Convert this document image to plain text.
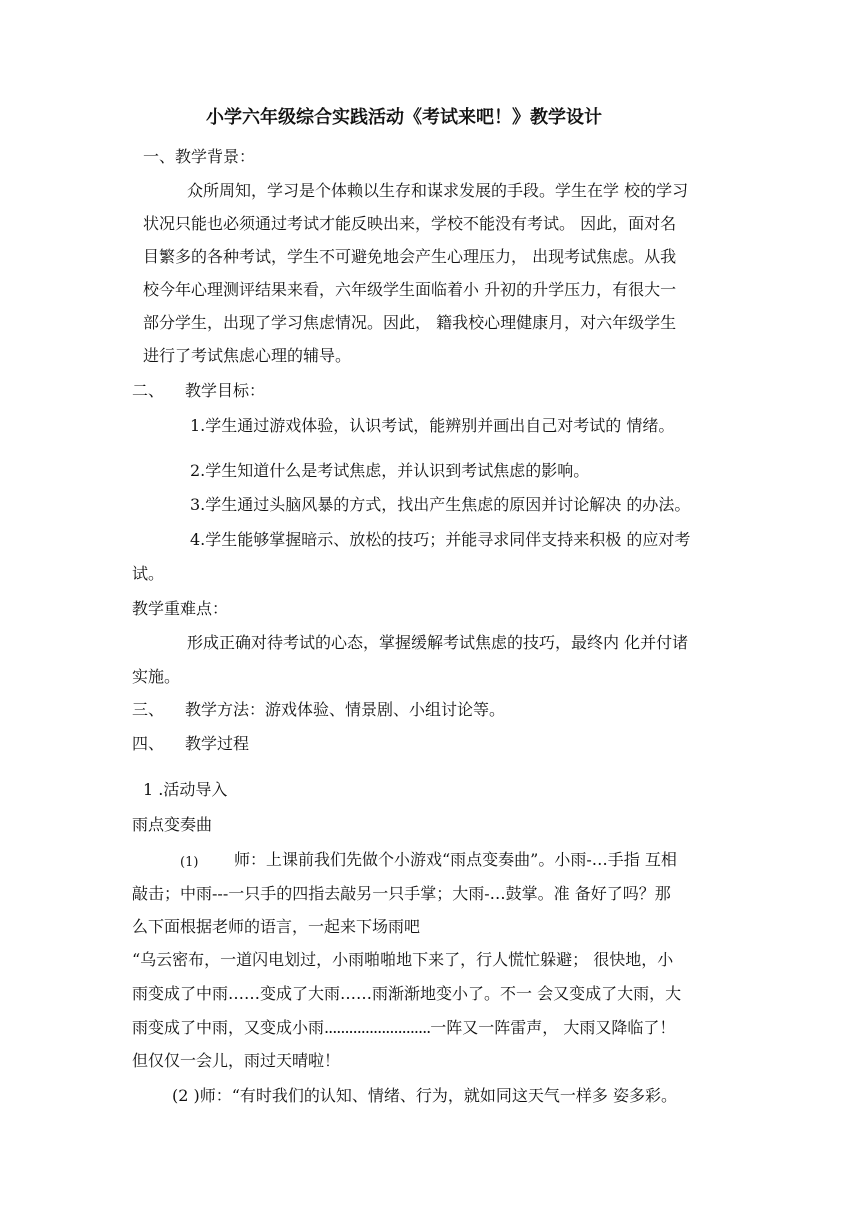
小学六年级综合实践活动《考试来吧！》教学设计
一、教学背景：
众所周知，学习是个体赖以生存和谋求发展的手段。学生在学 校的学习
状况只能也必须通过考试才能反映出来，学校不能没有考试。 因此，面对名
目繁多的各种考试，学生不可避免地会产生心理压力， 出现考试焦虑。从我
校今年心理测评结果来看，六年级学生面临着小 升初的升学压力，有很大一
部分学生，出现了学习焦虑情况。因此， 籍我校心理健康月，对六年级学生
进行了考试焦虑心理的辅导。
二、 教学目标：
1.学生通过游戏体验，认识考试，能辨别并画出自己对考试的 情绪。
2.学生知道什么是考试焦虑，并认识到考试焦虑的影响。
3.学生通过头脑风暴的方式，找出产生焦虑的原因并讨论解决 的办法。
4.学生能够掌握暗示、放松的技巧；并能寻求同伴支持来积极 的应对考
试。
教学重难点：
形成正确对待考试的心态，掌握缓解考试焦虑的技巧，最终内 化并付诸
实施。
三、 教学方法：游戏体验、情景剧、小组讨论等。
四、 教学过程
1 .活动导入
雨点变奏曲
(1) 师：上课前我们先做个小游戏“雨点变奏曲”。小雨-…手指 互相
敲击；中雨---一只手的四指去敲另一只手掌；大雨-…鼓掌。准 备好了吗？那
么下面根据老师的语言，一起来下场雨吧
“乌云密布，一道闪电划过，小雨啪啪地下来了，行人慌忙躲避； 很快地，小
雨变成了中雨……变成了大雨……雨渐渐地变小了。不一 会又变成了大雨，大
雨变成了中雨，又变成小雨..........................一阵又一阵雷声， 大雨又降临了！
但仅仅一会儿，雨过天晴啦！
(2 )师：“有时我们的认知、情绪、行为，就如同这天气一样多 姿多彩。
